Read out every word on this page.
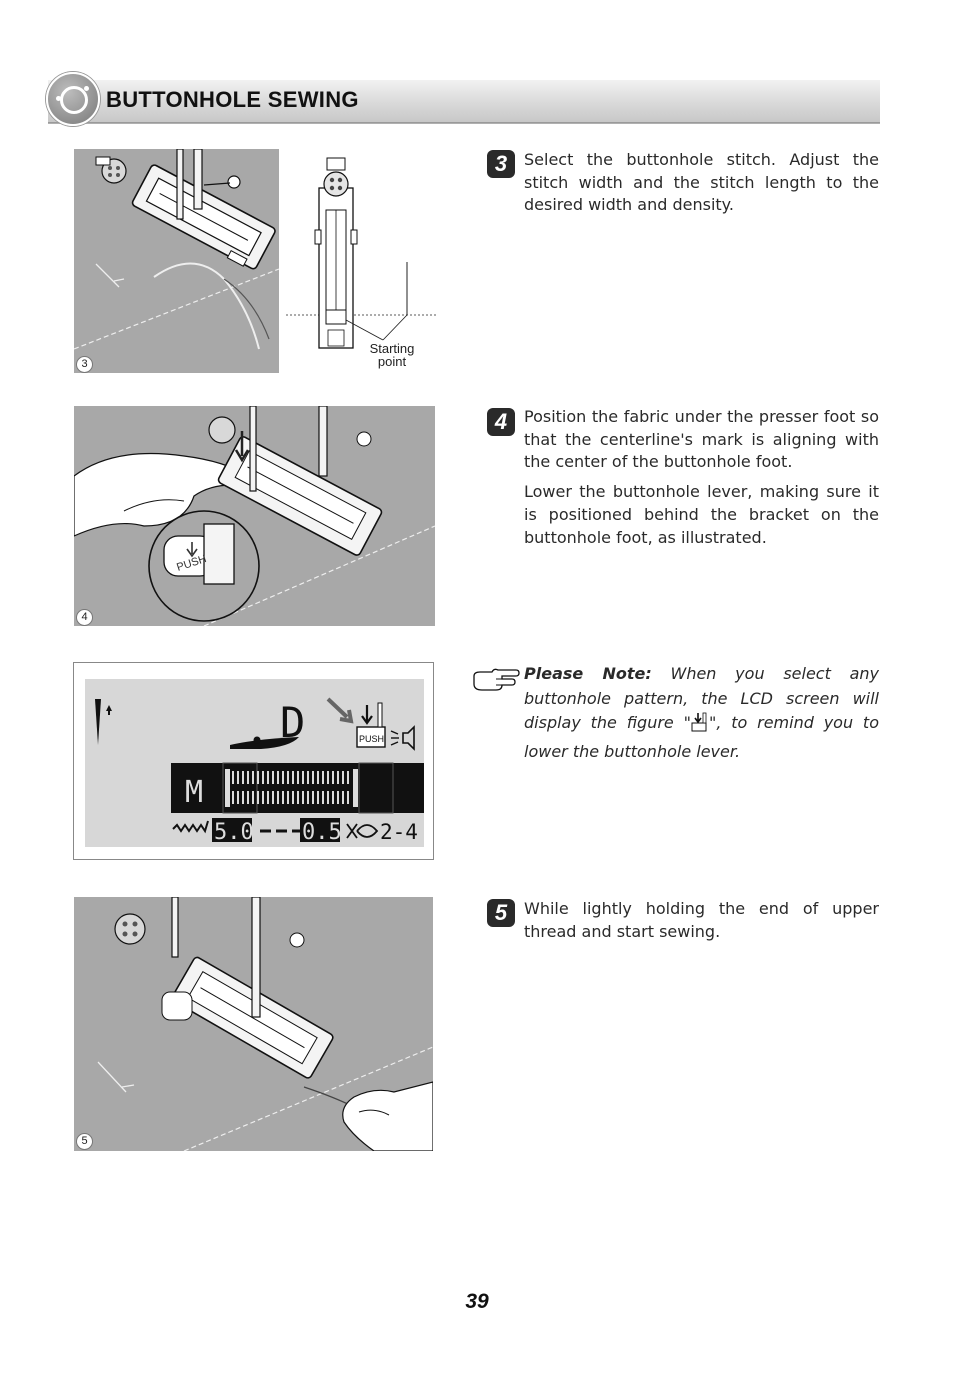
BUTTONHOLE SEWING
3
Starting point
PUSH
4
D	PUSH
M
5.0 0.5 2-4
5
3	Select the buttonhole stitch. Adjust the stitch width and the stitch length to the desired width and density.

4	Position the fabric under the presser foot so that the centerline's mark is aligning with the center of the buttonhole foot.

Lower the buttonhole lever, making sure it is positioned behind the bracket on the buttonhole foot, as illustrated.

Please Note: When you select any buttonhole pattern, the LCD screen will display the figure " ", to remind you to lower the buttonhole lever.
5	While lightly holding the end of upper thread and start sewing.

39
